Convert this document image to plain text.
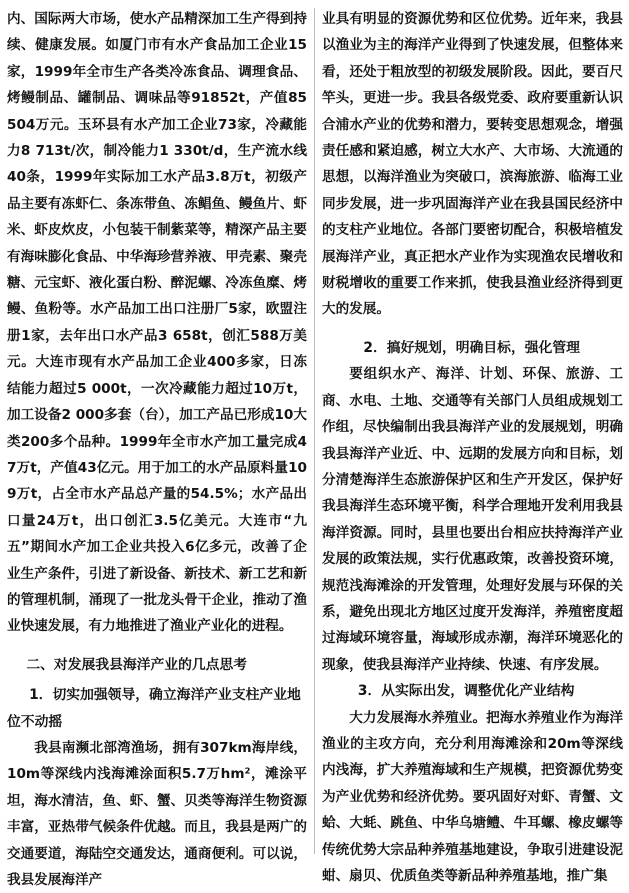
内、国际两大市场，使水产品精深加工生产得到持续、健康发展。如厦门市有水产食品加工企业15家，1999年全市生产各类冷冻食品、调理食品、烤鳗制品、罐制品、调味品等91852t，产值85 504万元。玉环县有水产加工企业73家，冷藏能力8 713t/次，制冷能力1 330t/d，生产流水线40条，1999年实际加工水产品3.8万t，初级产品主要有冻虾仁、条冻带鱼、冻鲳鱼、鳗鱼片、虾米、虾皮炊皮，小包装干制紫菜等，精深产品主要有海味膨化食品、中华海珍营养液、甲壳素、聚壳糖、元宝虾、液化蛋白粉、醉泥螺、冷冻鱼糜、烤鳗、鱼粉等。水产品加工出口注册厂5家，欧盟注册1家，去年出口水产品3 658t，创汇588万美元。大连市现有水产品加工企业400多家，日冻结能力超过5 000t，一次冷藏能力超过10万t，加工设备2 000多套（台），加工产品已形成10大类200多个品种。1999年全市水产加工量完成47万t，产值43亿元。用于加工的水产品原料量109万t，占全市水产品总产量的54.5%；水产品出口量24万t，出口创汇3.5亿美元。大连市“九五”期间水产加工企业共投入6亿多元，改善了企业生产条件，引进了新设备、新技术、新工艺和新的管理机制，涌现了一批龙头骨干企业，推动了渔业快速发展，有力地推进了渔业产业化的进程。

二、对发展我县海洋产业的几点思考
1．切实加强领导，确立海洋产业支柱产业地位不动摇

我县南濒北部湾渔场，拥有307km海岸线，10m等深线内浅海滩涂面积5.7万hm²，滩涂平坦，海水清洁，鱼、虾、蟹、贝类等海洋生物资源丰富，亚热带气候条件优越。而且，我县是两广的交通要道，海陆空交通发达，通商便利。可以说，我县发展海洋产

业具有明显的资源优势和区位优势。近年来，我县以渔业为主的海洋产业得到了快速发展，但整体来看，还处于粗放型的初级发展阶段。因此，要百尺竿头，更进一步。我县各级党委、政府要重新认识合浦水产业的优势和潜力，要转变思想观念，增强责任感和紧迫感，树立大水产、大市场、大流通的思想，以海洋渔业为突破口，滨海旅游、临海工业同步发展，进一步巩固海洋产业在我县国民经济中的支柱产业地位。各部门要密切配合，积极培植发展海洋产业，真正把水产业作为实现渔农民增收和财税增收的重要工作来抓，使我县渔业经济得到更大的发展。

2．搞好规划，明确目标，强化管理

要组织水产、海洋、计划、环保、旅游、工商、水电、土地、交通等有关部门人员组成规划工作组，尽快编制出我县海洋产业的发展规划，明确我县海洋产业近、中、远期的发展方向和目标，划分清楚海洋生态旅游保护区和生产开发区，保护好我县海洋生态环境平衡，科学合理地开发利用我县海洋资源。同时，县里也要出台相应扶持海洋产业发展的政策法规，实行优惠政策，改善投资环境，规范浅海滩涂的开发管理，处理好发展与环保的关系，避免出现北方地区过度开发海洋，养殖密度超过海域环境容量，海域形成赤潮，海洋环境恶化的现象，使我县海洋产业持续、快速、有序发展。

3．从实际出发，调整优化产业结构

大力发展海水养殖业。把海水养殖业作为海洋渔业的主攻方向，充分利用海滩涂和20m等深线内浅海，扩大养殖海域和生产规模，把资源优势变为产业优势和经济优势。要巩固好对虾、青蟹、文蛤、大蚝、跳鱼、中华乌塘鳢、牛耳螺、橡皮螺等传统优势大宗品种养殖基地建设，争取引进建设泥蚶、扇贝、优质鱼类等新品种养殖基地，推广集
